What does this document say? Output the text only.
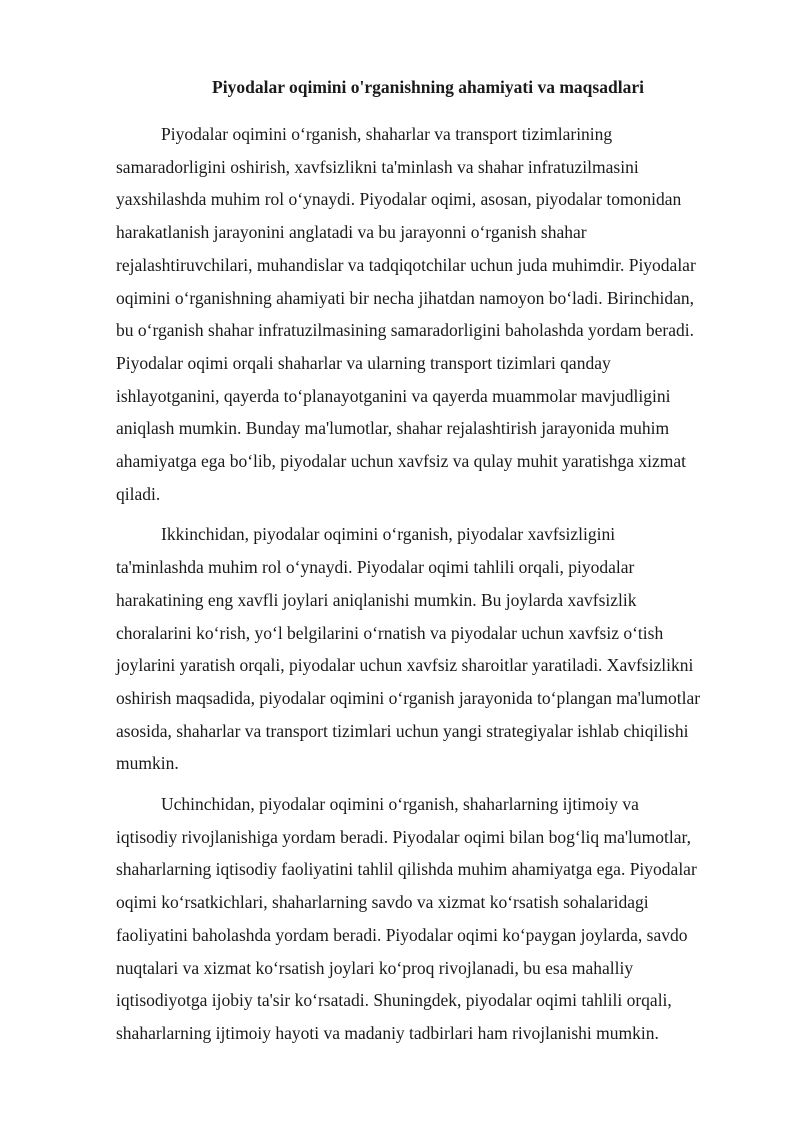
Piyodalar oqimini o'rganishning ahamiyati va maqsadlari

Piyodalar oqimini o‘rganish, shaharlar va transport tizimlarining
samaradorligini oshirish, xavfsizlikni ta'minlash va shahar infratuzilmasini
yaxshilashda muhim rol o‘ynaydi. Piyodalar oqimi, asosan, piyodalar tomonidan
harakatlanish jarayonini anglatadi va bu jarayonni o‘rganish shahar
rejalashtiruvchilari, muhandislar va tadqiqotchilar uchun juda muhimdir. Piyodalar
oqimini o‘rganishning ahamiyati bir necha jihatdan namoyon bo‘ladi. Birinchidan,
bu o‘rganish shahar infratuzilmasining samaradorligini baholashda yordam beradi.
Piyodalar oqimi orqali shaharlar va ularning transport tizimlari qanday
ishlayotganini, qayerda to‘planayotganini va qayerda muammolar mavjudligini
aniqlash mumkin. Bunday ma'lumotlar, shahar rejalashtirish jarayonida muhim
ahamiyatga ega bo‘lib, piyodalar uchun xavfsiz va qulay muhit yaratishga xizmat
qiladi.

Ikkinchidan, piyodalar oqimini o‘rganish, piyodalar xavfsizligini
ta'minlashda muhim rol o‘ynaydi. Piyodalar oqimi tahlili orqali, piyodalar
harakatining eng xavfli joylari aniqlanishi mumkin. Bu joylarda xavfsizlik
choralarini ko‘rish, yo‘l belgilarini o‘rnatish va piyodalar uchun xavfsiz o‘tish
joylarini yaratish orqali, piyodalar uchun xavfsiz sharoitlar yaratiladi. Xavfsizlikni
oshirish maqsadida, piyodalar oqimini o‘rganish jarayonida to‘plangan ma'lumotlar
asosida, shaharlar va transport tizimlari uchun yangi strategiyalar ishlab chiqilishi
mumkin.

Uchinchidan, piyodalar oqimini o‘rganish, shaharlarning ijtimoiy va
iqtisodiy rivojlanishiga yordam beradi. Piyodalar oqimi bilan bog‘liq ma'lumotlar,
shaharlarning iqtisodiy faoliyatini tahlil qilishda muhim ahamiyatga ega. Piyodalar
oqimi ko‘rsatkichlari, shaharlarning savdo va xizmat ko‘rsatish sohalaridagi
faoliyatini baholashda yordam beradi. Piyodalar oqimi ko‘paygan joylarda, savdo
nuqtalari va xizmat ko‘rsatish joylari ko‘proq rivojlanadi, bu esa mahalliy
iqtisodiyotga ijobiy ta'sir ko‘rsatadi. Shuningdek, piyodalar oqimi tahlili orqali,
shaharlarning ijtimoiy hayoti va madaniy tadbirlari ham rivojlanishi mumkin.
